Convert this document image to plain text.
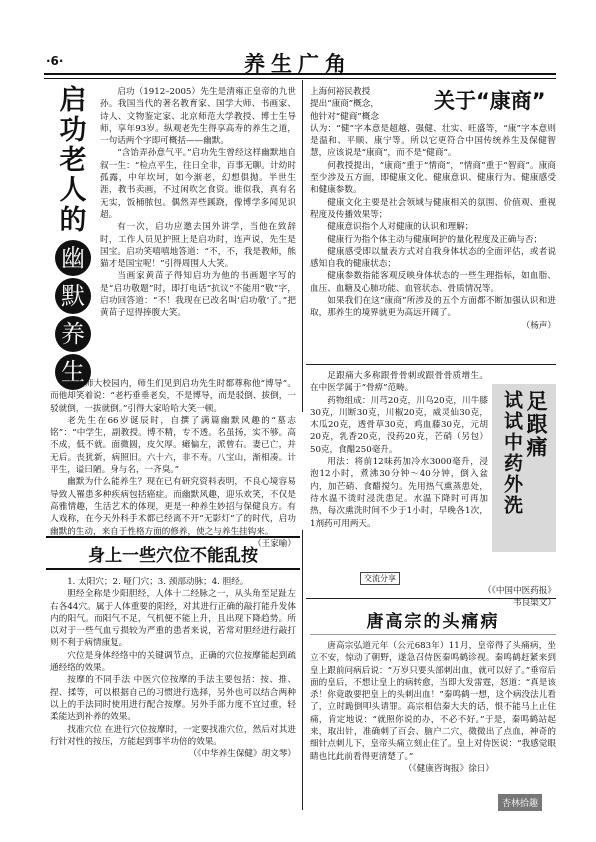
·6·	养生广角
启
功
老
人
的
幽
默
养
生

启功（1912–2005）先生是清雍正皇帝的九世孙。我国当代的著名教育家、国学大师、书画家、诗人、文物鉴定家、北京师范大学教授、博士生导师，享年93岁。纵观老先生得享高寿的养生之道，一句话两个字即可概括——幽默。

“含饴弄孙意气平。”启功先生曾经这样幽默地自叙一生：“检点平生，往日全非，百事无聊。计幼时孤露，中年坎坷，如今渐老，幻想俱抛。半世生涯，教书卖画，不过闲吹乞食资。谁似我，真有名无实，饭桶脓包。偶然弄些蹊跷，像博学多闻见识超。

有一次，启功应邀去国外讲学，当他在致辞时，工作人员见护照上是启功时，连声说，先生是国宝。启功笑嘻嘻地答道：“不，不，我是教师，熊猫才是国宝呢！”引得周围人大笑。

当画家黄苗子得知启功为他的书画题字写的是“启功敬题”时，即打电话“抗议”不能用“敬”字，启功回答道：“不！我现在已改名叫‘启功敬’了。”把黄苗子逗得捧腹大笑。

在北师大校园内，师生们见到启功先生时都尊称他“博导”。而他却笑着说：“老朽垂垂老矣，不是博导，而是驳倒、拔倒，一驳就倒，一拔就倒。”引得大家哈哈大笑一顿。

老先生在66岁诞辰时，自撰了满篇幽默风趣的“墓志铭”：“中学生，副教授。博不精，专不透。名虽扬，实不够。高不成，低不就。面微圆，皮欠厚。瘫偏左，派曾右。妻已亡，并无后。丧犹新，病照旧。六十六，非不寿。八宝山，渐相凑。计平生，谥曰陋。身与名，一齐臭。”

幽默为什么能养生？现在已有研究资料表明，不良心境容易导致人罹患多种疾病包括癌症。而幽默风趣，迎乐欢笑，不仅是高雅情趣，生活艺术的体现，更是一种养生妙招与保健良方。有人戏称，在今天外科手术都已经离不开“无影灯”了的时代，启功幽默的生动，来自于性格方面的修养，使之与养生挂钩来。

（王家喻）

上海何裕民教授
提出“康商”概念，
他针对“健商”概念
关于“康商”

认为：“健”字本意是超越、强健、壮实、旺盛等，“康”字本意则是温和、平顺、康宁等。所以它更符合中国传统养生及保健智慧，应该说是“康商”，而不是“健商”。

何教授提出，“康商”重于“情商”，“情商”重于“智商”。康商至少涉及五方面，即健康文化、健康意识、健康行为、健康感受和健康参数。

健康文化主要是社会领域与健康相关的氛围、价值观、重视程度及传播效果等；

健康意识指个人对健康的认识和理解；

健康行为指个体主动与健康呵护的量化程度及正确与否；

健康感受即以量表方式对自我身体状态的全面评估，或者说感知自我的健康状态；

健康参数指能客观反映身体状态的一些生理指标，如血脂、血压、血糖及心肺功能、血管状态、骨质情况等。

如果我们在这“康商”所涉及的五个方面都不断加强认识和进取，那养生的境界就更为高远开阔了。

（杨声）

足跟痛大多称跟骨骨刺或跟骨骨质增生。在中医学属于“骨痹”范畴。

药物组成：川芎20克，川乌20克，川牛膝30克，川断30克，川椒20克，威灵仙30克，木瓜20克，透骨草30克，鸡血藤30克，元胡20克，乳香20克，没药20克，芒硝（另包）50克，食醋250毫升。

用法：将前12味药加冷水3000毫升，浸泡12小时，煮沸30分钟～40分钟，倒入盆内，加芒硝、食醋搅匀。先用热气熏蒸患处，待水温不烫时浸洗患足。水温下降时可再加热，每次熏洗时间不少于1小时，早晚各1次，1剂药可用两天。

足跟痛
试试中药外洗
交流分享

（《中国中医药报》

韦良渠文）

身上一些穴位不能乱按

1. 太阳穴；2. 哑门穴；3. 颈部动脉；4. 胆经。

胆经全称是少阳胆经，人体十二经脉之一，从头角至足趾左右各44穴。属于人体重要的阳经，对其进行正确的敲打能升发体内的阳气。而阳气不足，气机便不能上升，且出现下降趋势。所以对于一些气血亏损较为严重的患者来说，若常对胆经进行敲打则不利于病情康复。

穴位是身体经络中的关键调节点，正确的穴位按摩能起到疏通经络的效果。

按摩的不同手法 中医穴位按摩的手法主要包括：按、推、捏、揉等，可以根据自己的习惯进行选择，另外也可以结合两种以上的手法同时使用进行配合按摩。另外手部力度不宜过重，轻柔能达到补养的效果。

找准穴位 在进行穴位按摩时，一定要找准穴位，然后对其进行针对性的按压，方能起到事半功倍的效果。

（《中华养生保健》胡文琴）

唐高宗的头痛病

唐高宗弘道元年（公元683年）11月，皇帝得了头痛病，坐立不安，惊动了朝野，遂急召侍医秦鸣鹤诊视。秦鸣鹤赶紧来到皇上跟前问病后说：“万岁只要头部刺出血，就可以好了。”垂帘后面的皇后，不想让皇上的病转愈，当即大发雷霆，怒道：“真是该杀！你竟敢要把皇上的头刺出血！”秦鸣鹤一想，这个病没法儿看了，立时跪倒叩头请罪。高宗相信秦大夫的话，恨不能马上止住痛，肯定地说：“就照你说的办，不必不好。”于是，秦鸣鹤站起来，取出针，准确刺了百会、脑户二穴，微微出了点血，神奇的细针点刺儿下，皇帝头痛立刻止住了。皇上对侍医说：“我感觉眼睛也比此前看得更清楚了。”

（《健康咨询报》徐日）

杏林拾趣
